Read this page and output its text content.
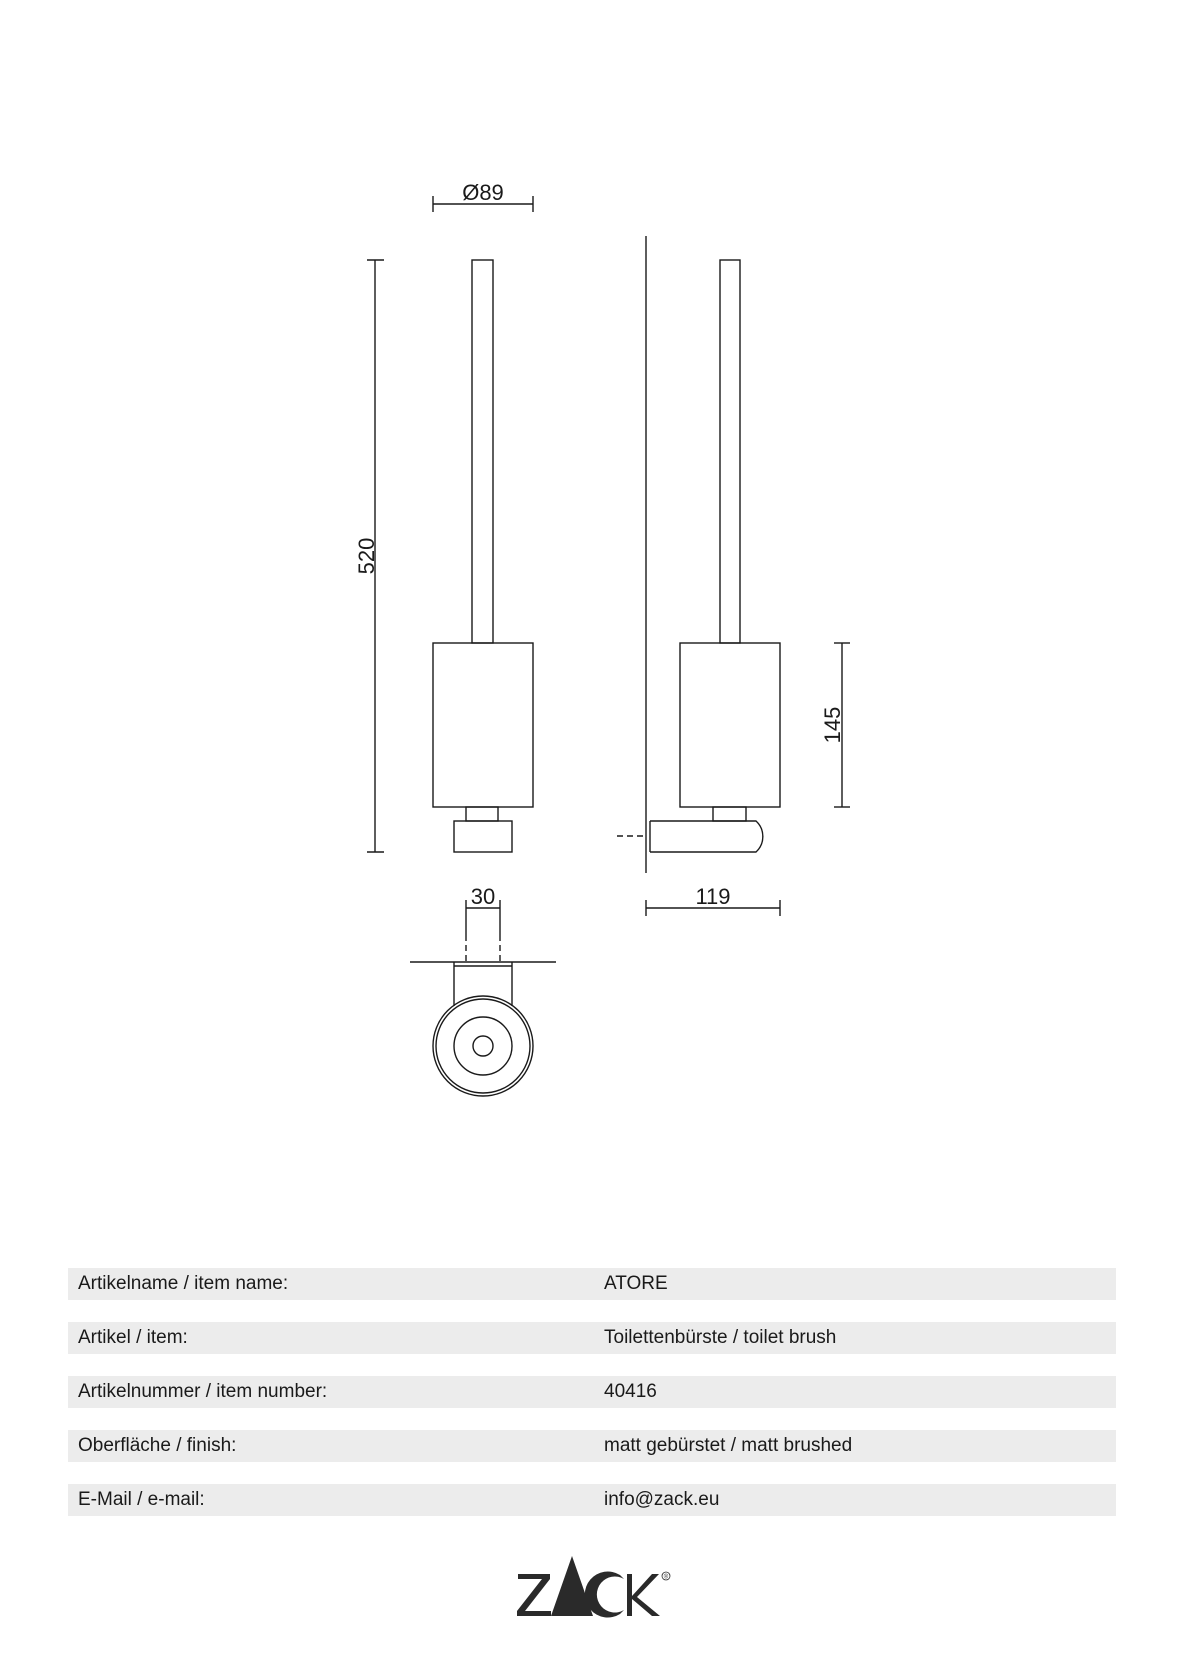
Ø89
520
145
119
30
Artikelname / item name:	ATORE
Artikel / item:	Toilettenbürste / toilet brush
Artikelnummer / item number:	40416
Oberfläche / finish:	matt gebürstet / matt brushed
E-Mail / e-mail:	info@zack.eu
®
